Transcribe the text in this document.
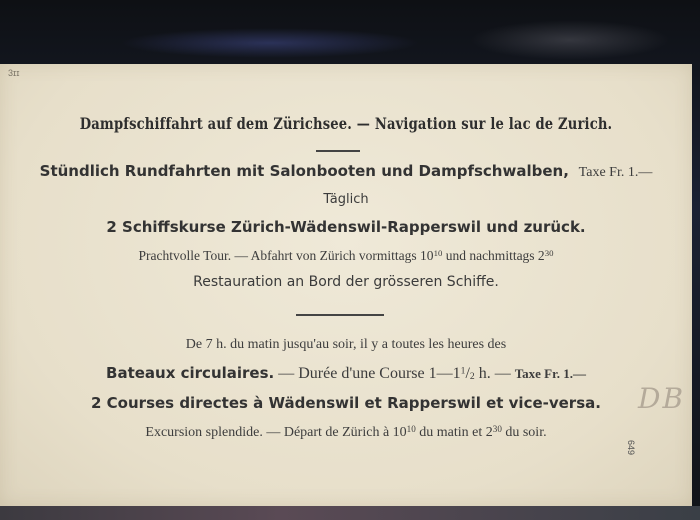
3ɪɪ
Dampfschiffahrt auf dem Zürichsee. — Navigation sur le lac de Zurich.
Stündlich Rundfahrten mit Salonbooten und Dampfschwalben, Taxe Fr. 1.—
Täglich
2 Schiffskurse Zürich-Wädenswil-Rapperswil und zurück.
Prachtvolle Tour. — Abfahrt von Zürich vormittags $10^{10}$ und nachmittags $2^{30}$
Restauration an Bord der grösseren Schiffe.
De 7 h. du matin jusqu'au soir, il y a toutes les heures des
Bateaux circulaires. — Durée d'une Course $1—1^1/_2$ h. — Taxe Fr. 1.—
2 Courses directes à Wädenswil et Rapperswil et vice-versa.
Excursion splendide. — Départ de Zürich à $10^{10}$ du matin et $2^{30}$ du soir.
DB
649
